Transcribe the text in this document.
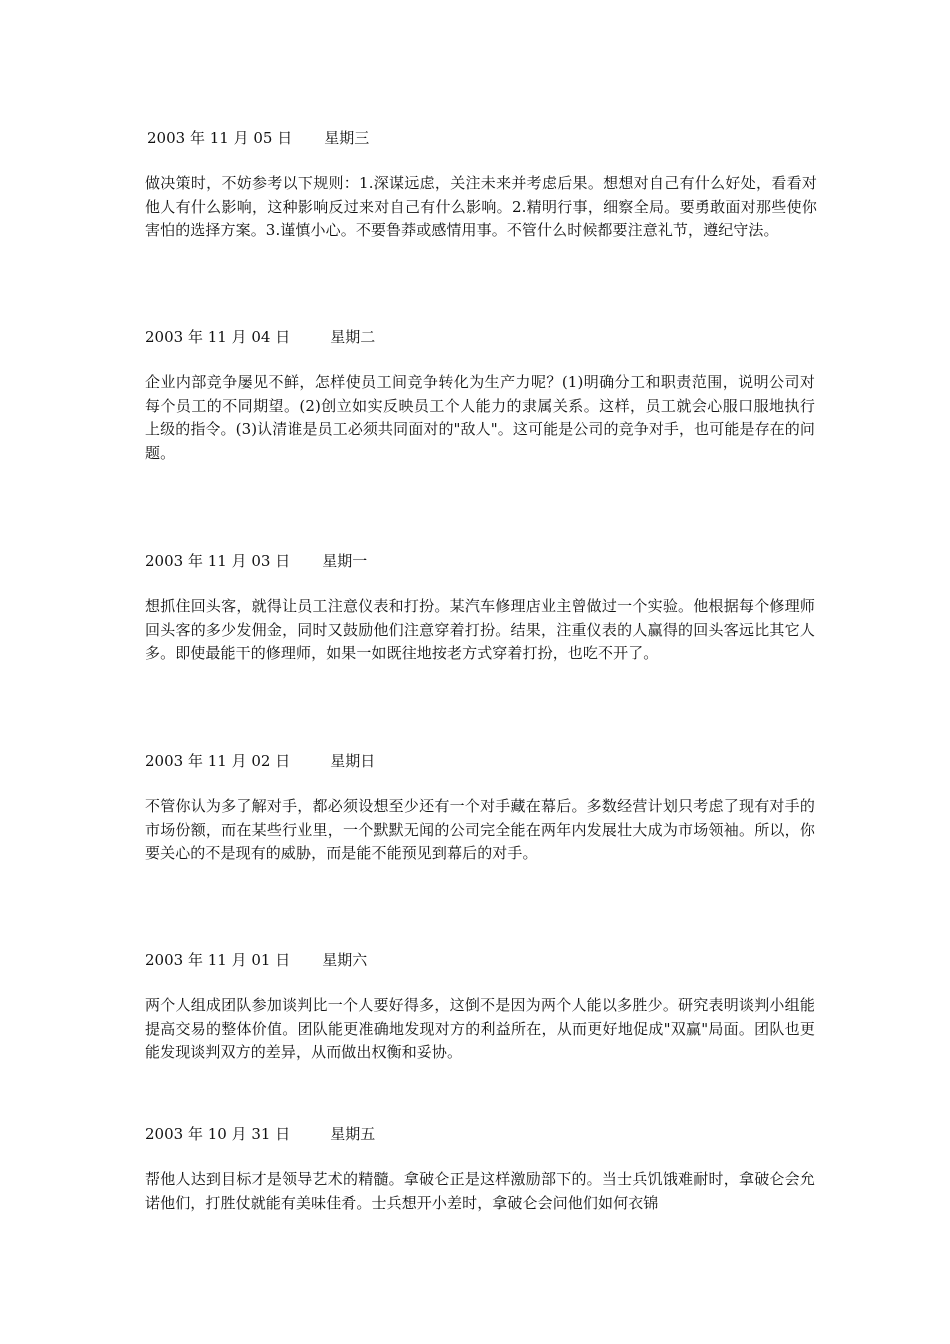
2003 年 11 月 05 日 星期三
做决策时，不妨参考以下规则：1.深谋远虑，关注未来并考虑后果。想想对自己有什么好处，看看对他人有什么影响，这种影响反过来对自己有什么影响。2.精明行事，细察全局。要勇敢面对那些使你害怕的选择方案。3.谨慎小心。不要鲁莽或感情用事。不管什么时候都要注意礼节，遵纪守法。
2003 年 11 月 04 日	星期二
企业内部竞争屡见不鲜，怎样使员工间竞争转化为生产力呢？(1)明确分工和职责范围，说明公司对每个员工的不同期望。(2)创立如实反映员工个人能力的隶属关系。这样，员工就会心服口服地执行上级的指令。(3)认清谁是员工必须共同面对的"敌人"。这可能是公司的竞争对手，也可能是存在的问题。
2003 年 11 月 03 日 星期一
想抓住回头客，就得让员工注意仪表和打扮。某汽车修理店业主曾做过一个实验。他根据每个修理师回头客的多少发佣金，同时又鼓励他们注意穿着打扮。结果，注重仪表的人赢得的回头客远比其它人多。即使最能干的修理师，如果一如既往地按老方式穿着打扮，也吃不开了。
2003 年 11 月 02 日	星期日
不管你认为多了解对手，都必须设想至少还有一个对手藏在幕后。多数经营计划只考虑了现有对手的市场份额，而在某些行业里，一个默默无闻的公司完全能在两年内发展壮大成为市场领袖。所以，你要关心的不是现有的威胁，而是能不能预见到幕后的对手。
2003 年 11 月 01 日 星期六
两个人组成团队参加谈判比一个人要好得多，这倒不是因为两个人能以多胜少。研究表明谈判小组能提高交易的整体价值。团队能更准确地发现对方的利益所在，从而更好地促成"双赢"局面。团队也更能发现谈判双方的差异，从而做出权衡和妥协。
2003 年 10 月 31 日	星期五
帮他人达到目标才是领导艺术的精髓。拿破仑正是这样激励部下的。当士兵饥饿难耐时，拿破仑会允诺他们，打胜仗就能有美味佳肴。士兵想开小差时，拿破仑会问他们如何衣锦
